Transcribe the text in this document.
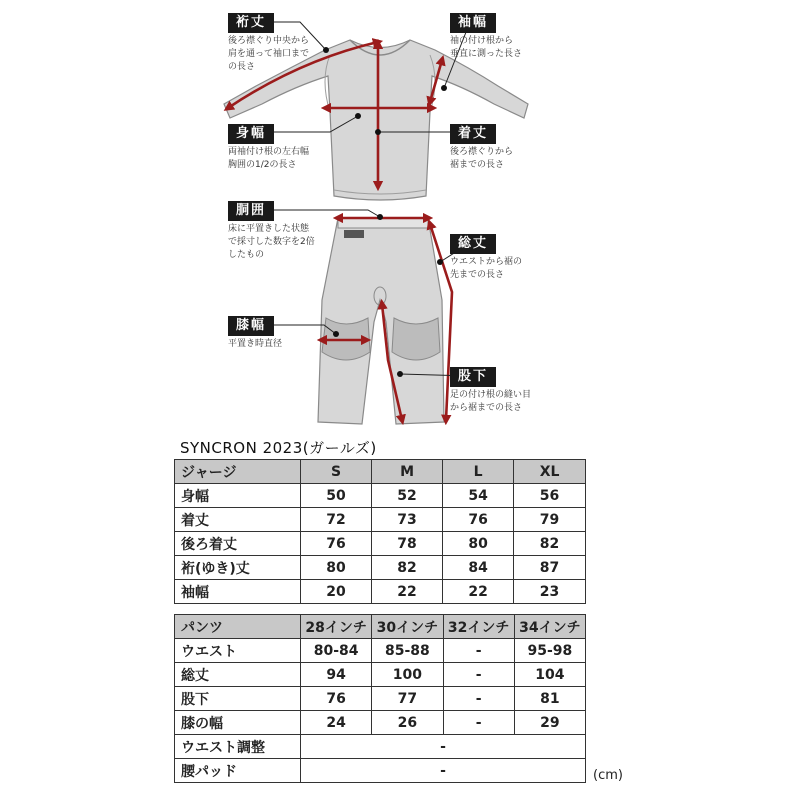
裄丈
後ろ襟ぐり中央から
肩を通って袖口まで
の長さ
袖幅
袖の付け根から
垂直に測った長さ
身幅
両袖付け根の左右幅
胸囲の1/2の長さ
着丈
後ろ襟ぐりから
裾までの長さ
胴囲
床に平置きした状態
で採寸した数字を2倍
したもの
総丈
ウエストから裾の
先までの長さ
膝幅
平置き時直径
股下
足の付け根の縫い目
から裾までの長さ
SYNCRON 2023(ガールズ)
ジャージ	S	M	L	XL
身幅	50	52	54	56
着丈	72	73	76	79
後ろ着丈	76	78	80	82
裄(ゆき)丈	80	82	84	87
袖幅	20	22	22	23
パンツ	28インチ	30インチ	32インチ	34インチ
ウエスト	80-84	85-88	-	95-98
総丈	94	100	-	104
股下	76	77	-	81
膝の幅	24	26	-	29
ウエスト調整	-			
腰パッド	-				(cm)
